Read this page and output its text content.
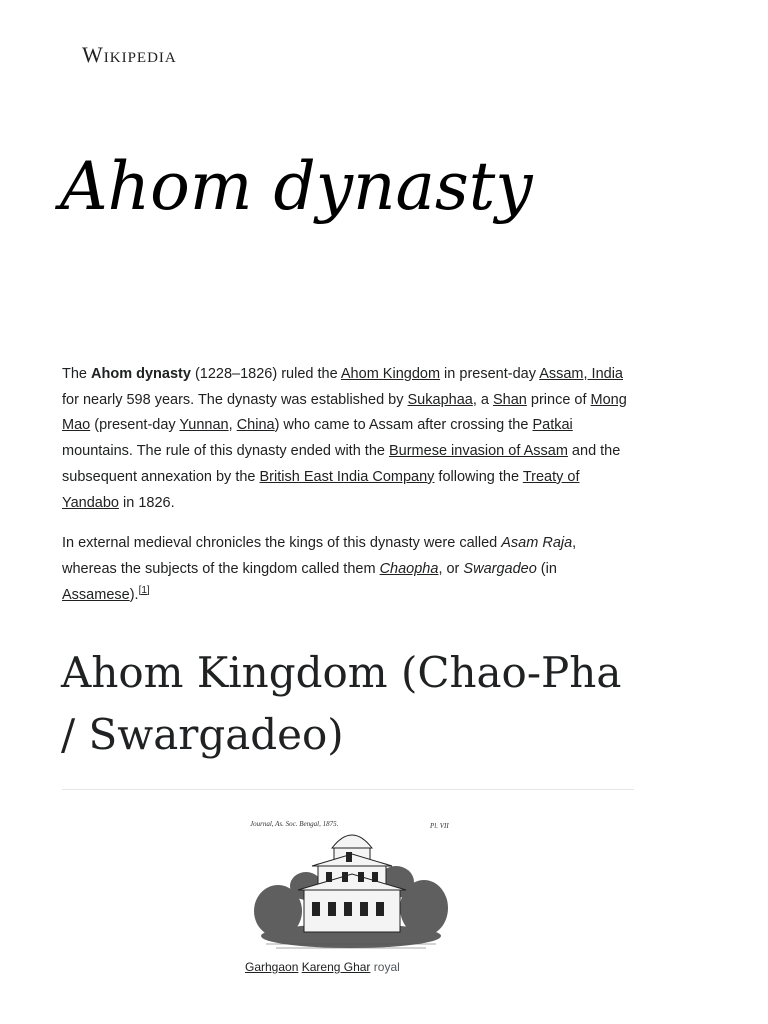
Wikipedia
Ahom dynasty

The Ahom dynasty (1228–1826) ruled the Ahom Kingdom in present-day Assam, India for nearly 598 years. The dynasty was established by Sukaphaa, a Shan prince of Mong Mao (present-day Yunnan, China) who came to Assam after crossing the Patkai mountains. The rule of this dynasty ended with the Burmese invasion of Assam and the subsequent annexation by the British East India Company following the Treaty of Yandabo in 1826.

In external medieval chronicles the kings of this dynasty were called Asam Raja, whereas the subjects of the kingdom called them Chaopha, or Swargadeo (in Assamese).[1]

Ahom Kingdom (Chao-Pha / Swargadeo)
Journal, As. Soc. Bengal, 1875.	Pl. VII
Garhgaon Kareng Ghar royal
